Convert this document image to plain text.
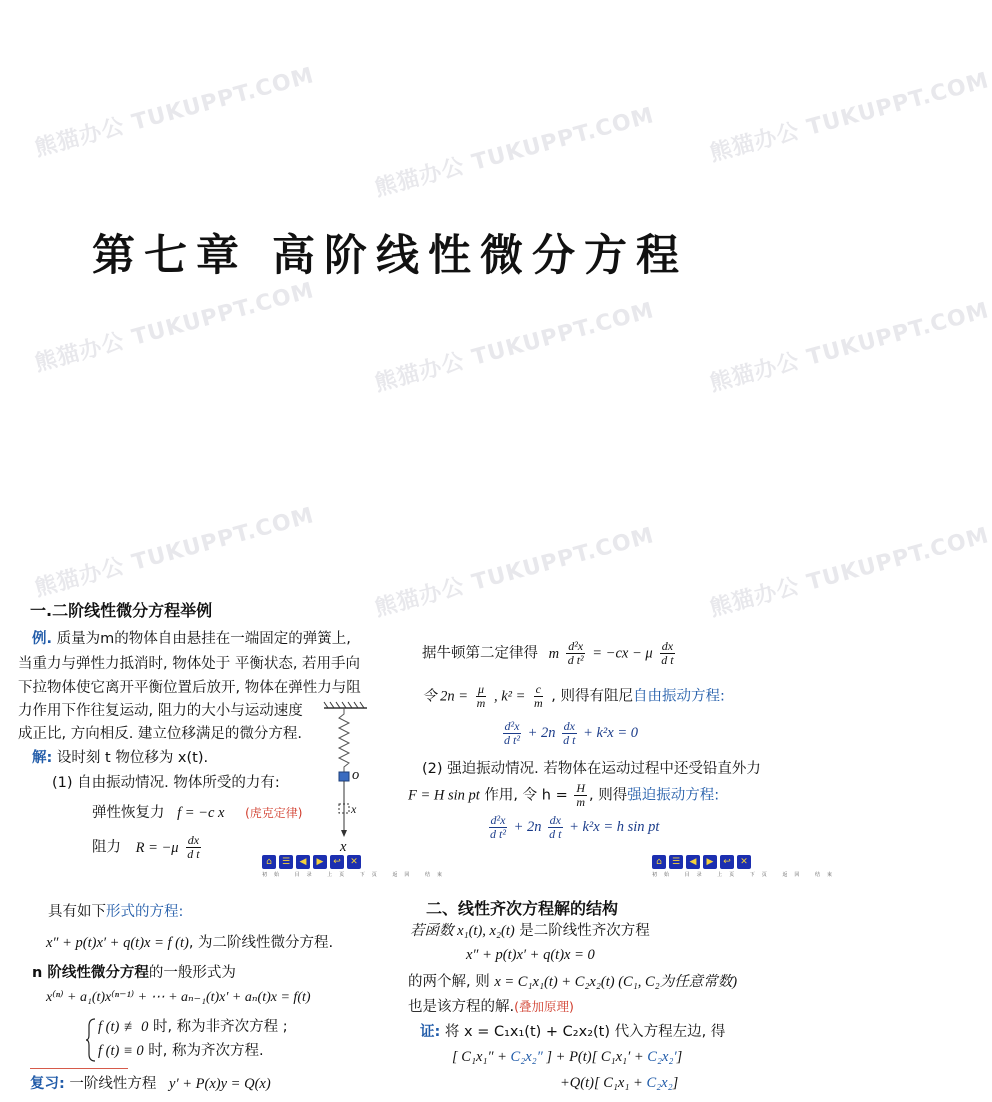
熊猫办公 TUKUPPT.COM	熊猫办公 TUKUPPT.COM 熊猫办公 TUKUPPT.COM
熊猫办公 TUKUPPT.COM	熊猫办公 TUKUPPT.COM 熊猫办公 TUKUPPT.COM
熊猫办公 TUKUPPT.COM	熊猫办公 TUKUPPT.COM 熊猫办公 TUKUPPT.COM
第七章 高阶线性微分方程
一.二阶线性微分方程举例
例. 质量为m的物体自由悬挂在一端固定的弹簧上,
当重力与弹性力抵消时, 物体处于 平衡状态, 若用手向
下拉物体使它离开平衡位置后放开, 物体在弹性力与阻
力作用下作往复运动, 阻力的大小与运动速度
成正比, 方向相反. 建立位移满足的微分方程.
解: 设时刻 t 物位移为 x(t).
(1) 自由振动情况. 物体所受的力有:
弹性恢复力 f = −c x (虎克定律)
阻力 $R = -\mu \frac{dx}{\text{d t}}$
o
x
x
⌂	☰	◀	▶	↩	✕
初始 目录 上页 下页 返回 结束
据牛顿第二定律得 m $\frac{\text{d²x}}{\text{d t²}} = -cx - \mu \frac{dx}{\text{d t}}$
令 $2n = \frac{\mu}{m}$ , $k^2 = \frac{c}{m}$ , 则得有阻尼自由振动方程:
$\frac{\text{d²x}}{\text{d t²}} + 2n \frac{dx}{\text{d t}} + k^2x = 0$
(2) 强迫振动情况. 若物体在运动过程中还受铅直外力
F = H sin pt 作用, 令 $h = \frac{H}{m}$ , 则得强迫振动方程:
$\frac{\text{d²x}}{\text{d t²}} + 2n \frac{dx}{\text{d t}} + k^2x = h$ sin pt
⌂	☰	◀	▶	↩	✕
初始 目录 上页 下页 返回 结束
具有如下形式的方程:
x″ + p(t)x′ + q(t)x = f (t), 为二阶线性微分方程.
n 阶线性微分方程的一般形式为
x⁽ⁿ⁾ + a₁(t)x⁽ⁿ⁻¹⁾ + ⋯ + aₙ₋₁(t)x′ + aₙ(t)x = f(t)
f (t) ≢ 0 时, 称为非齐次方程 ;
f (t) ≡ 0 时, 称为齐次方程.
复习: 一阶线性方程 y′ + P(x)y = Q(x)
二、线性齐次方程解的结构
若函数 x₁(t), x₂(t) 是二阶线性齐次方程
x″ + p(t)x′ + q(t)x = 0
的两个解, 则 x = C₁x₁(t) + C₂x₂(t) (C₁, C₂为任意常数)
也是该方程的解.(叠加原理)
证: 将 x = C₁x₁(t) + C₂x₂(t) 代入方程左边, 得
[ C₁x₁″ + C₂x₂″ ] + P(t)[ C₁x₁′ + C₂x₂′]
+Q(t)[ C₁x₁ + C₂x₂]
